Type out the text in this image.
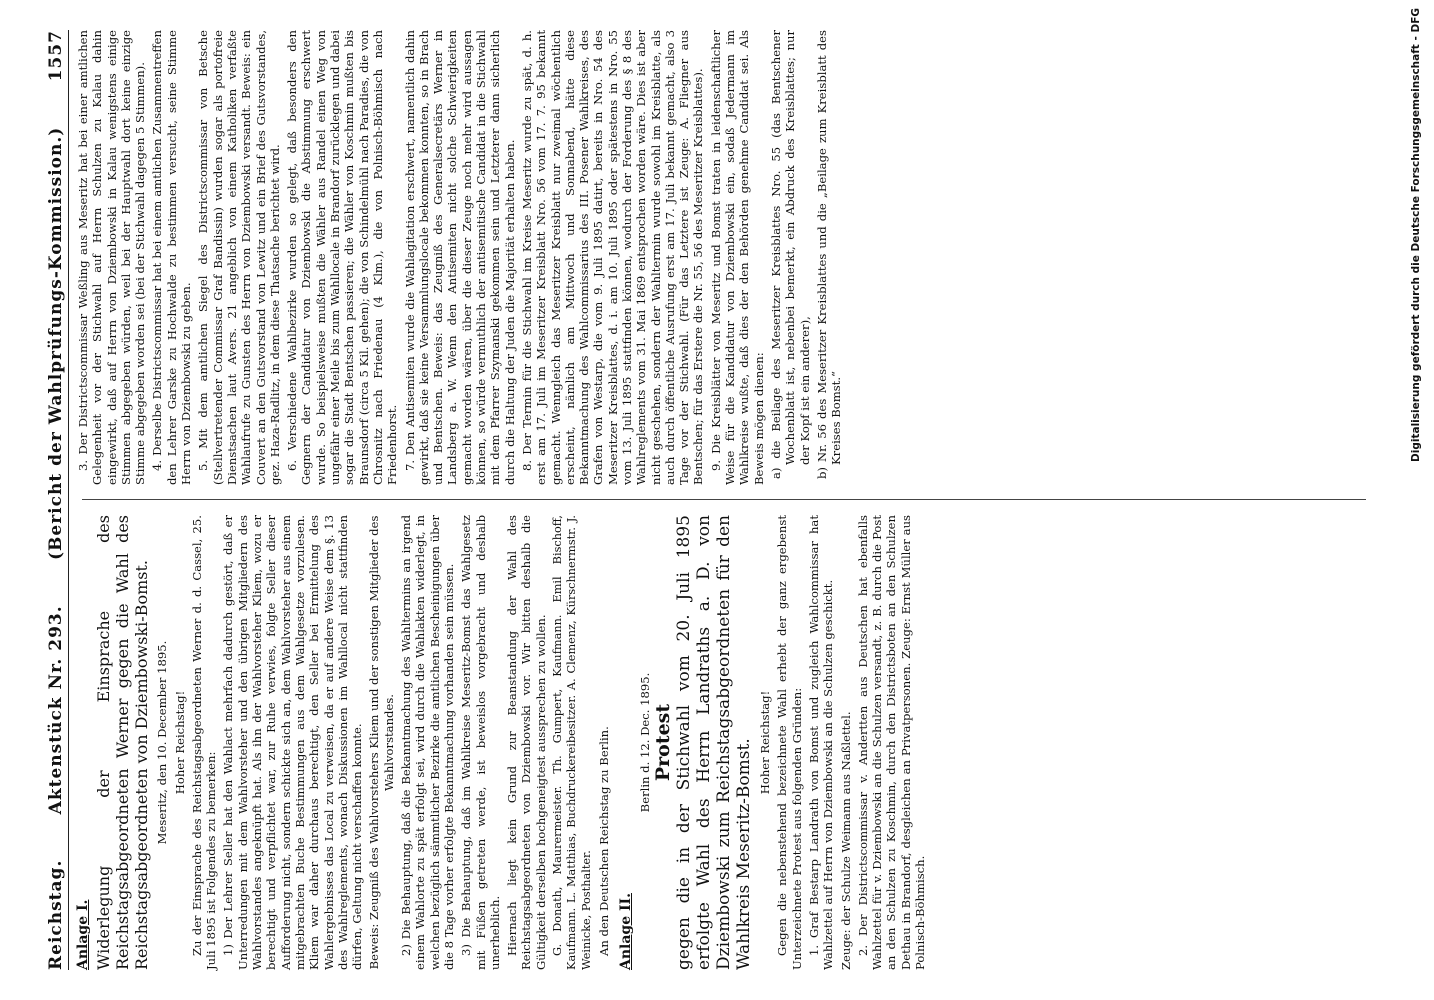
Reichstag.
Aktenstück Nr. 293.
(Bericht der Wahlprüfungs-Kommission.)
1557

Anlage I. Widerlegung der Einsprache des Reichstagsabgeordneten Werner gegen die Wahl des Reichstagsabgeordneten von Dziembowski-Bomst. Meseritz, den 10. December 1895. Hoher Reichstag! Zu der Einsprache des Reichstagsabgeordneten Werner d. d. Cassel, 25. Juli 1895 ist Folgendes zu bemerken: 1) Der Lehrer Seller hat den Wahlact mehrfach dadurch gestört, daß er Unterredungen mit dem Wahlvorsteher und den übrigen Mitgliedern des Wahlvorstandes angeknüpft hat. Als ihn der Wahlvorsteher Kliem, wozu er berechtigt und verpflichtet war, zur Ruhe verwies, folgte Seller dieser Aufforderung nicht, sondern schickte sich an, dem Wahlvorsteher aus einem mitgebrachten Buche Bestimmungen aus dem Wahlgesetze vorzulesen. Kliem war daher durchaus berechtigt, den Seller bei Ermittelung des Wahlergebnisses das Local zu verweisen, da er auf andere Weise dem §. 13 des Wahlreglements, wonach Diskussionen im Wahllocal nicht stattfinden dürfen, Geltung nicht verschaffen konnte. Beweis: Zeugniß des Wahlvorstehers Kliem und der sonstigen Mitglieder des Wahlvorstandes. 2) Die Behauptung, daß die Bekanntmachung des Wahltermins an irgend einem Wahlorte zu spät erfolgt sei, wird durch die Wahlakten widerlegt, in welchen bezüglich sämmtlicher Bezirke die amtlichen Bescheinigungen über die 8 Tage vorher erfolgte Bekanntmachung vorhanden sein müssen. 3) Die Behauptung, daß im Wahlkreise Meseritz-Bomst das Wahlgesetz mit Füßen getreten werde, ist beweislos vorgebracht und deshalb unerheblich. Hiernach liegt kein Grund zur Beanstandung der Wahl des Reichstagsabgeordneten von Dziembowski vor. Wir bitten deshalb die Gültigkeit derselben hochgeneigtest aussprechen zu wollen. G. Donath, Maurermeister. Th. Gumpert, Kaufmann. Emil Bischoff, Kaufmann. L. Matthias, Buchdruckereibesitzer. A. Clemenz, Kürschnermstr. J. Weinicke, Posthalter. An den Deutschen Reichstag zu Berlin. Anlage II.

Berlin d. 12. Dec. 1895. Protest gegen die in der Stichwahl vom 20. Juli 1895 erfolgte Wahl des Herrn Landraths a. D. von Dziembowski zum Reichstagsabgeordneten für den Wahlkreis Meseritz-Bomst. Hoher Reichstag! Gegen die nebenstehend bezeichnete Wahl erhebt der ganz ergebenst Unterzeichnete Protest aus folgenden Gründen: 1. Graf Bestarp Landrath von Bomst und zugleich Wahlcommissar hat Wahlzettel auf Herrn von Dziembowski an die Schulzen geschickt. Zeuge: der Schulze Weimann aus Naßlettel. 2. Der Districtscommissar v. Andertten aus Deutschen hat ebenfalls Wahlzettel für v. Dziembowski an die Schulzen versandt, z. B. durch die Post an den Schulzen zu Koschmin, durch den Districtsboten an den Schulzen Dethau in Brandorf, desgleichen an Privatpersonen. Zeuge: Ernst Müller aus Polnisch-Böhmisch.

3. Der Districtscommissar Weßling aus Meseritz hat bei einer amtlichen Gelegenheit vor der Stichwahl auf Herrn Schulzen zu Kalau dahin eingewirkt, daß auf Herrn von Dziembowski in Kalau wenigstens einige Stimmen abgegeben würden, weil bei der Hauptwahl dort keine einzige Stimme abgegeben worden sei (bei der Stichwahl dagegen 5 Stimmen). 4. Derselbe Districtscommissar hat bei einem amtlichen Zusammentreffen den Lehrer Garske zu Hochwalde zu bestimmen versucht, seine Stimme Herrn von Dziembowski zu geben. 5. Mit dem amtlichen Siegel des Districtscommissar von Betsche (Stellvertretender Commissar Graf Bandissin) wurden sogar als portofreie Dienstsachen laut Avers. 21 angeblich von einem Katholiken verfaßte Wahlaufrufe zu Gunsten des Herrn von Dziembowski versandt. Beweis: ein Couvert an den Gutsvorstand von Lewitz und ein Brief des Gutsvorstandes, gez. Haza-Radlitz, in dem diese Thatsache berichtet wird. 6. Verschiedene Wahlbezirke wurden so gelegt, daß besonders den Gegnern der Candidatur von Dziembowski die Abstimmung erschwert wurde. So beispielsweise mußten die Wähler aus Randel einen Weg von ungefähr einer Meile bis zum Wahllocale in Brandorf zurücklegen und dabei sogar die Stadt Bentschen passieren; die Wähler von Koschmin mußten bis Braunsdorf (circa 5 Kil. gehen); die von Schindelmühl nach Paradies, die von Chrosnitz nach Friedenau (4 Klm.), die von Polnisch-Böhmisch nach Friedenhorst. 7. Den Antisemiten wurde die Wahlagitation erschwert, namentlich dahin gewirkt, daß sie keine Versammlungslocale bekommen konnten, so in Brach und Bentschen. Beweis: das Zeugniß des Generalsecretärs Werner in Landsberg a. W. Wenn den Antisemiten nicht solche Schwierigkeiten gemacht worden wären, über die dieser Zeuge noch mehr wird aussagen können, so würde vermuthlich der antisemitische Candidat in die Stichwahl mit dem Pfarrer Szymanski gekommen sein und Letzterer dann sicherlich durch die Haltung der Juden die Majorität erhalten haben. 8. Der Termin für die Stichwahl im Kreise Meseritz wurde zu spät, d. h. erst am 17. Juli im Meseritzer Kreisblatt Nro. 56 vom 17. 7. 95 bekannt gemacht. Wenngleich das Meseritzer Kreisblatt nur zweimal wöchentlich erscheint, nämlich am Mittwoch und Sonnabend, hätte diese Bekanntmachung des Wahlcommissarius des III. Posener Wahlkreises, des Grafen von Westarp, die vom 9. Juli 1895 datirt, bereits in Nro. 54 des Meseritzer Kreisblattes, d. i. am 10. Juli 1895 oder spätestens in Nro. 55 vom 13. Juli 1895 stattfinden können, wodurch der Forderung des § 8 des Wahlreglements vom 31. Mai 1869 entsprochen worden wäre. Dies ist aber nicht geschehen, sondern der Wahltermin wurde sowohl im Kreisblatte, als auch durch öffentliche Ausrufung erst am 17. Juli bekannt gemacht, also 3 Tage vor der Stichwahl. (Für das Letztere ist Zeuge: A. Fliegner aus Bentschen; für das Erstere die Nr. 55, 56 des Meseritzer Kreisblattes). 9. Die Kreisblätter von Meseritz und Bomst traten in leidenschaftlicher Weise für die Kandidatur von Dziembowski ein, sodaß Jedermann im Wahlkreise wußte, daß dies der den Behörden genehme Candidat sei. Als Beweis mögen dienen: a) die Beilage des Meseritzer Kreisblattes Nro. 55 (das Bentschener Wochenblatt ist, nebenbei bemerkt, ein Abdruck des Kreisblattes; nur der Kopf ist ein anderer), b) Nr. 56 des Meseritzer Kreisblattes und die „Beilage zum Kreisblatt des Kreises Bomst.“	Digitalisierung gefördert durch die Deutsche Forschungsgemeinschaft - DFG
